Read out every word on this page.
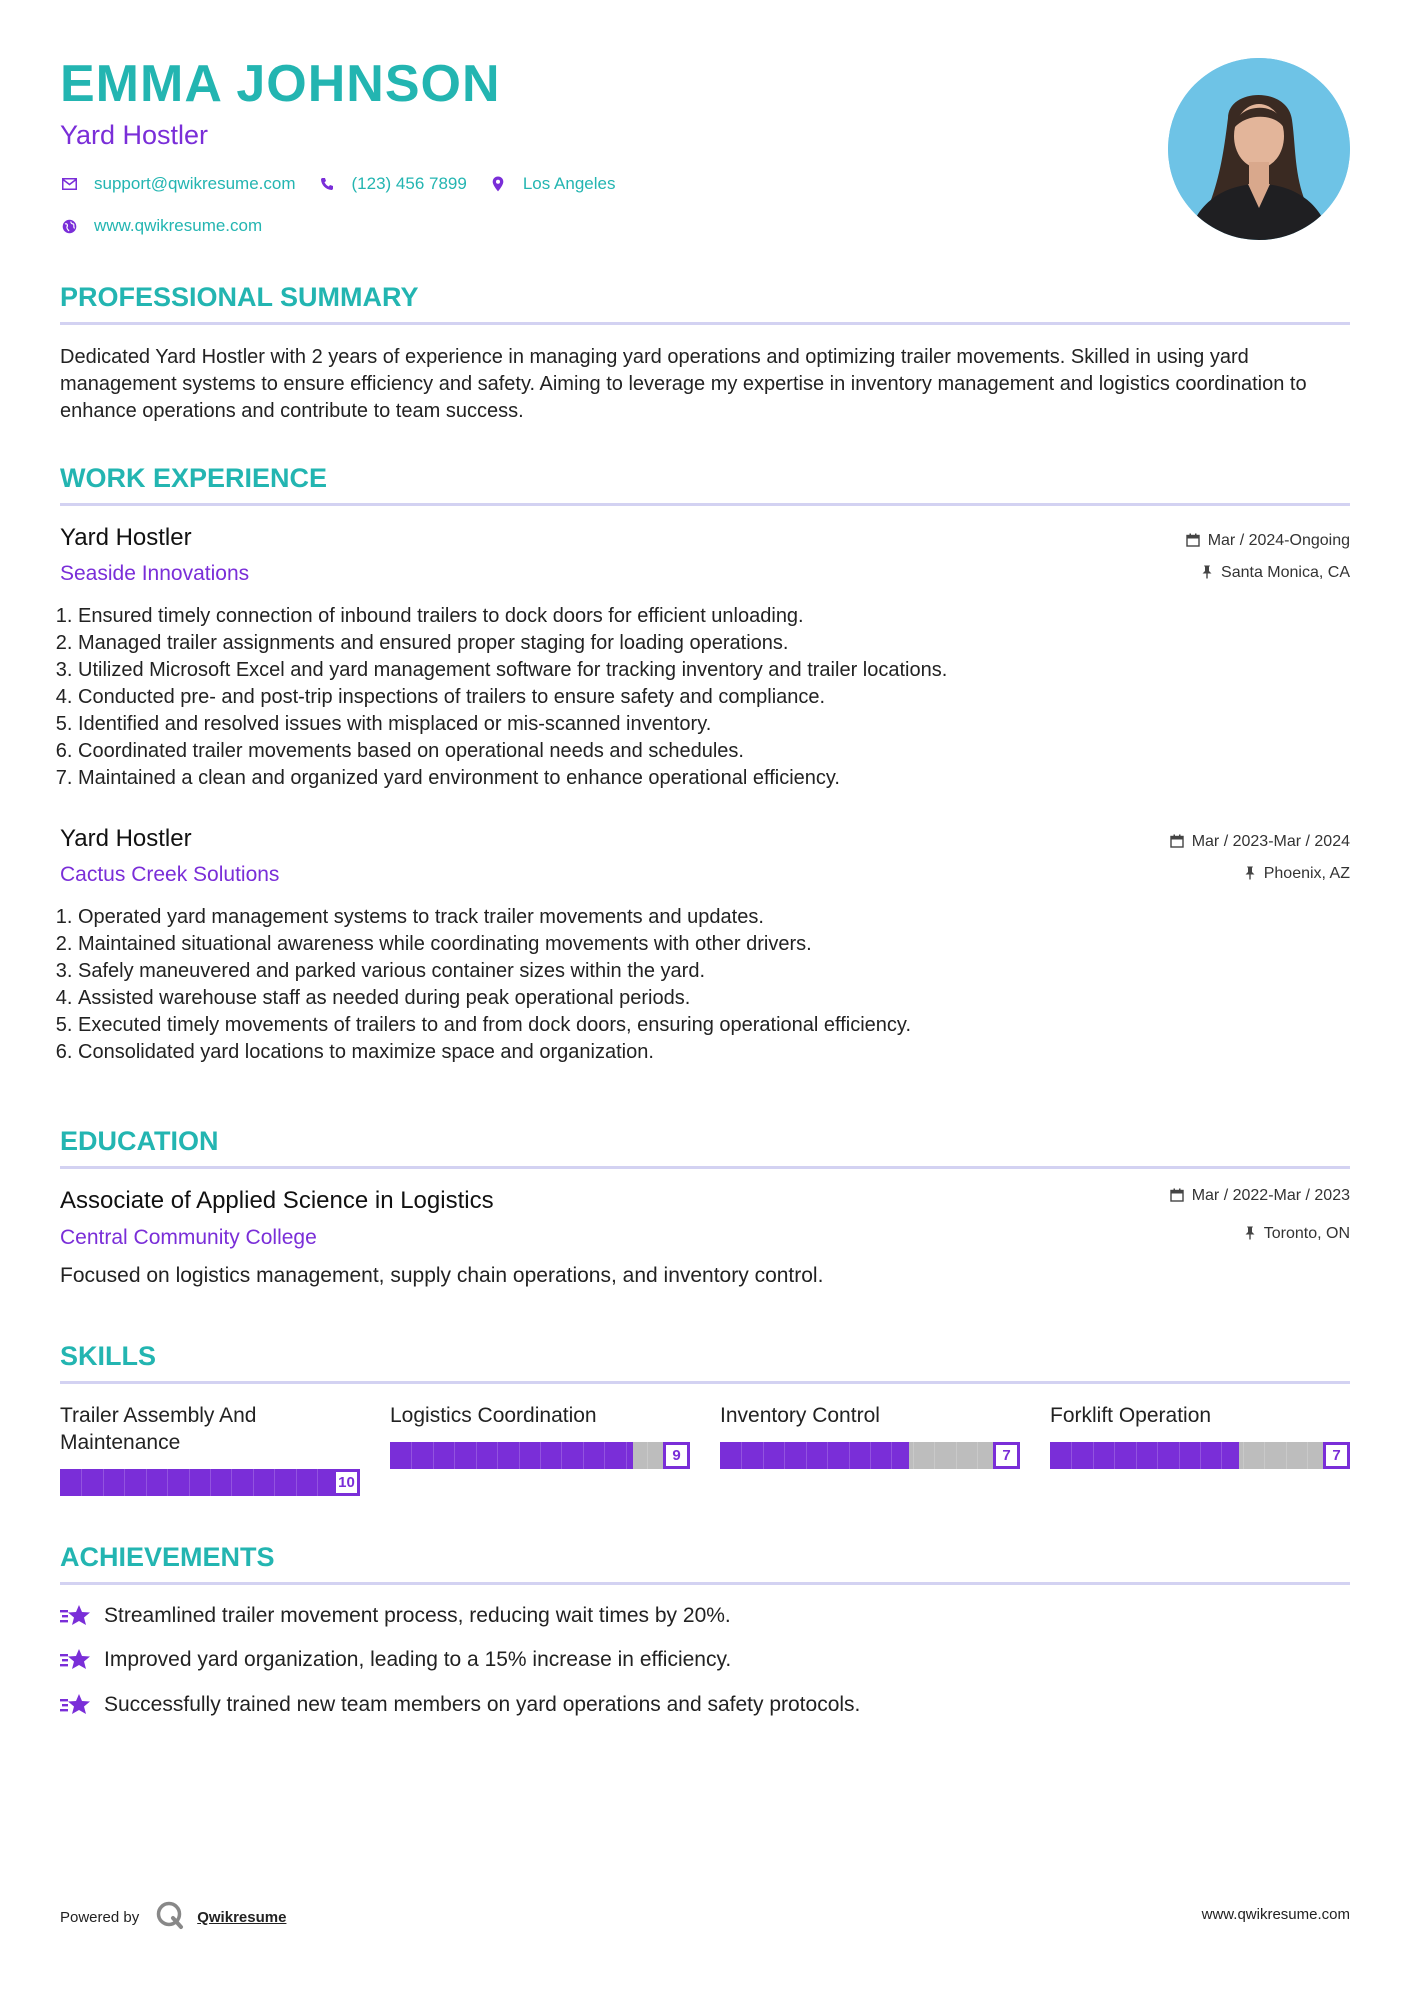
EMMA JOHNSON
Yard Hostler
support@qwikresume.com	(123) 456 7899	Los Angeles
www.qwikresume.com
PROFESSIONAL SUMMARY
Dedicated Yard Hostler with 2 years of experience in managing yard operations and optimizing trailer movements. Skilled in using yard management systems to ensure efficiency and safety. Aiming to leverage my expertise in inventory management and logistics coordination to enhance operations and contribute to team success.
WORK EXPERIENCE
Yard Hostler
Seaside Innovations
Mar / 2024-Ongoing
Santa Monica, CA
1. Ensured timely connection of inbound trailers to dock doors for efficient unloading.
2. Managed trailer assignments and ensured proper staging for loading operations.
3. Utilized Microsoft Excel and yard management software for tracking inventory and trailer locations.
4. Conducted pre- and post-trip inspections of trailers to ensure safety and compliance.
5. Identified and resolved issues with misplaced or mis-scanned inventory.
6. Coordinated trailer movements based on operational needs and schedules.
7. Maintained a clean and organized yard environment to enhance operational efficiency.
Yard Hostler
Cactus Creek Solutions
Mar / 2023-Mar / 2024
Phoenix, AZ
1. Operated yard management systems to track trailer movements and updates.
2. Maintained situational awareness while coordinating movements with other drivers.
3. Safely maneuvered and parked various container sizes within the yard.
4. Assisted warehouse staff as needed during peak operational periods.
5. Executed timely movements of trailers to and from dock doors, ensuring operational efficiency.
6. Consolidated yard locations to maximize space and organization.
EDUCATION
Associate of Applied Science in Logistics
Central Community College
Mar / 2022-Mar / 2023
Toronto, ON
Focused on logistics management, supply chain operations, and inventory control.
SKILLS
Trailer Assembly And Maintenance
10
Logistics Coordination
9
Inventory Control
7
Forklift Operation
7
ACHIEVEMENTS
Streamlined trailer movement process, reducing wait times by 20%.
Improved yard organization, leading to a 15% increase in efficiency.
Successfully trained new team members on yard operations and safety protocols.
Powered by	Qwikresume	www.qwikresume.com
